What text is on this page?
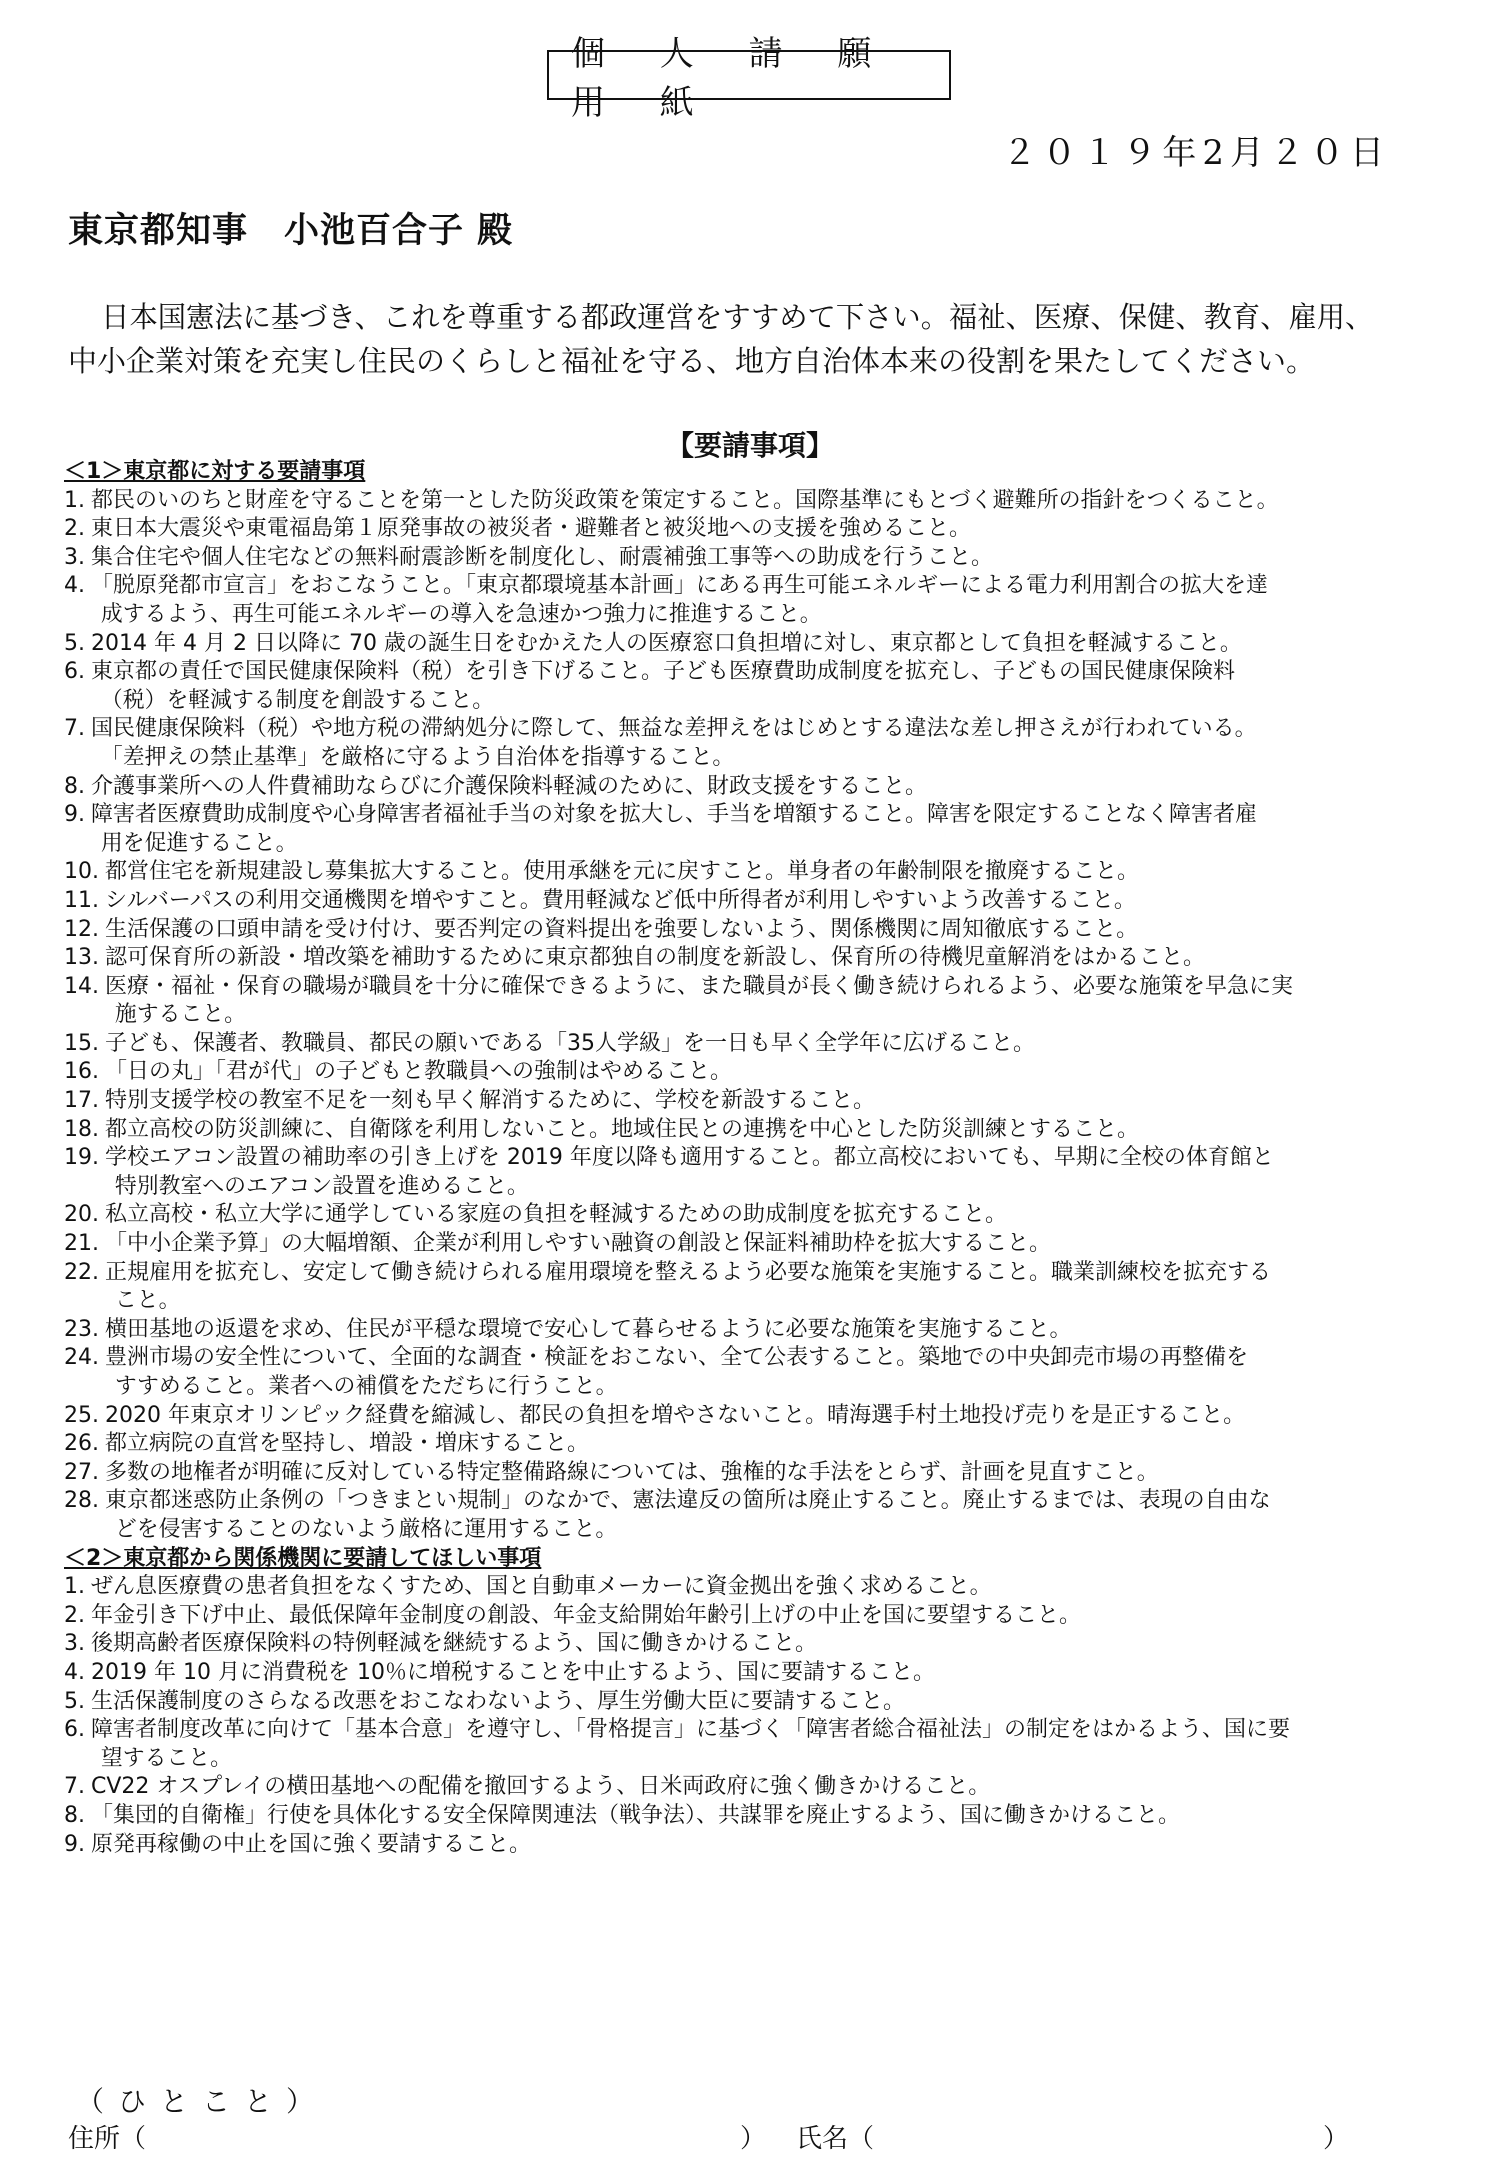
個 人 請 願 用 紙
２０１９年2月２０日
東京都知事　小池百合子 殿

日本国憲法に基づき、これを尊重する都政運営をすすめて下さい。福祉、医療、保健、教育、雇用、

中小企業対策を充実し住民のくらしと福祉を守る、地方自治体本来の役割を果たしてください。

【要請事項】
＜1＞東京都に対する要請事項
1. 都民のいのちと財産を守ることを第一とした防災政策を策定すること。国際基準にもとづく避難所の指針をつくること。
2. 東日本大震災や東電福島第１原発事故の被災者・避難者と被災地への支援を強めること。
3. 集合住宅や個人住宅などの無料耐震診断を制度化し、耐震補強工事等への助成を行うこと。
4. 「脱原発都市宣言」をおこなうこと。「東京都環境基本計画」にある再生可能エネルギーによる電力利用割合の拡大を達
成するよう、再生可能エネルギーの導入を急速かつ強力に推進すること。
5. 2014 年 4 月 2 日以降に 70 歳の誕生日をむかえた人の医療窓口負担増に対し、東京都として負担を軽減すること。
6. 東京都の責任で国民健康保険料（税）を引き下げること。子ども医療費助成制度を拡充し、子どもの国民健康保険料
（税）を軽減する制度を創設すること。
7. 国民健康保険料（税）や地方税の滞納処分に際して、無益な差押えをはじめとする違法な差し押さえが行われている。
「差押えの禁止基準」を厳格に守るよう自治体を指導すること。
8. 介護事業所への人件費補助ならびに介護保険料軽減のために、財政支援をすること。
9. 障害者医療費助成制度や心身障害者福祉手当の対象を拡大し、手当を増額すること。障害を限定することなく障害者雇
用を促進すること。
10. 都営住宅を新規建設し募集拡大すること。使用承継を元に戻すこと。単身者の年齢制限を撤廃すること。
11. シルバーパスの利用交通機関を増やすこと。費用軽減など低中所得者が利用しやすいよう改善すること。
12. 生活保護の口頭申請を受け付け、要否判定の資料提出を強要しないよう、関係機関に周知徹底すること。
13. 認可保育所の新設・増改築を補助するために東京都独自の制度を新設し、保育所の待機児童解消をはかること。
14. 医療・福祉・保育の職場が職員を十分に確保できるように、また職員が長く働き続けられるよう、必要な施策を早急に実
施すること。
15. 子ども、保護者、教職員、都民の願いである「35人学級」を一日も早く全学年に広げること。
16. 「日の丸」「君が代」の子どもと教職員への強制はやめること。
17. 特別支援学校の教室不足を一刻も早く解消するために、学校を新設すること。
18. 都立高校の防災訓練に、自衛隊を利用しないこと。地域住民との連携を中心とした防災訓練とすること。
19. 学校エアコン設置の補助率の引き上げを 2019 年度以降も適用すること。都立高校においても、早期に全校の体育館と
特別教室へのエアコン設置を進めること。
20. 私立高校・私立大学に通学している家庭の負担を軽減するための助成制度を拡充すること。
21. 「中小企業予算」の大幅増額、企業が利用しやすい融資の創設と保証料補助枠を拡大すること。
22. 正規雇用を拡充し、安定して働き続けられる雇用環境を整えるよう必要な施策を実施すること。職業訓練校を拡充する
こと。
23. 横田基地の返還を求め、住民が平穏な環境で安心して暮らせるように必要な施策を実施すること。
24. 豊洲市場の安全性について、全面的な調査・検証をおこない、全て公表すること。築地での中央卸売市場の再整備を
すすめること。業者への補償をただちに行うこと。
25. 2020 年東京オリンピック経費を縮減し、都民の負担を増やさないこと。晴海選手村土地投げ売りを是正すること。
26. 都立病院の直営を堅持し、増設・増床すること。
27. 多数の地権者が明確に反対している特定整備路線については、強権的な手法をとらず、計画を見直すこと。
28. 東京都迷惑防止条例の「つきまとい規制」のなかで、憲法違反の箇所は廃止すること。廃止するまでは、表現の自由な
どを侵害することのないよう厳格に運用すること。
＜2＞東京都から関係機関に要請してほしい事項
1. ぜん息医療費の患者負担をなくすため、国と自動車メーカーに資金拠出を強く求めること。
2. 年金引き下げ中止、最低保障年金制度の創設、年金支給開始年齢引上げの中止を国に要望すること。
3. 後期高齢者医療保険料の特例軽減を継続するよう、国に働きかけること。
4. 2019 年 10 月に消費税を 10％に増税することを中止するよう、国に要請すること。
5. 生活保護制度のさらなる改悪をおこなわないよう、厚生労働大臣に要請すること。
6. 障害者制度改革に向けて「基本合意」を遵守し、「骨格提言」に基づく「障害者総合福祉法」の制定をはかるよう、国に要
望すること。
7. CV22 オスプレイの横田基地への配備を撤回するよう、日米両政府に強く働きかけること。
8. 「集団的自衛権」行使を具体化する安全保障関連法（戦争法）、共謀罪を廃止するよう、国に働きかけること。
9. 原発再稼働の中止を国に強く要請すること。
（ひとこと）
住所（	） 氏名（	）
